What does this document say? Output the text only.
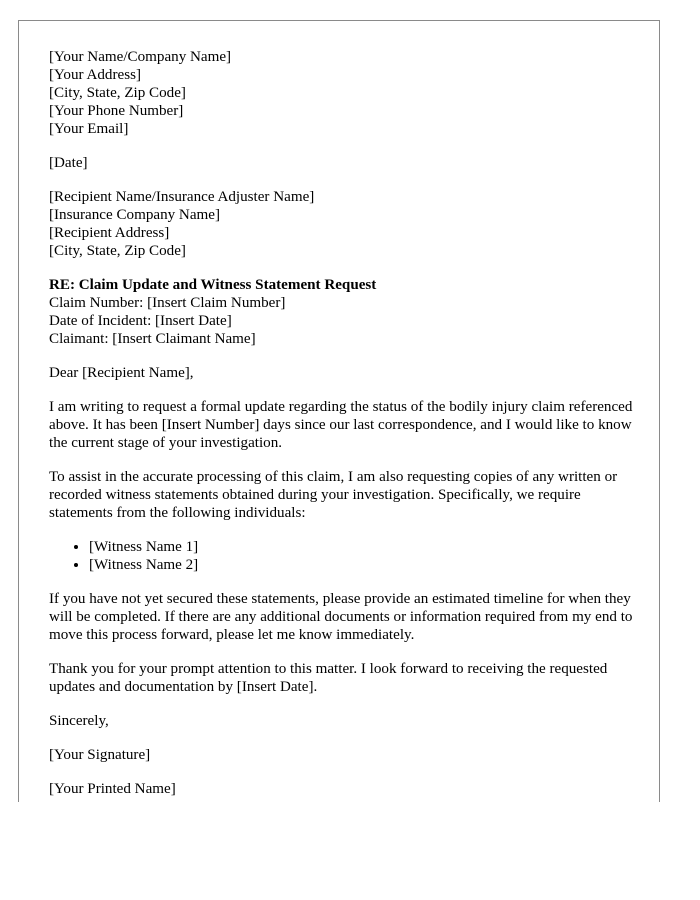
[Your Name/Company Name]
[Your Address]
[City, State, Zip Code]
[Your Phone Number]
[Your Email]
[Date]
[Recipient Name/Insurance Adjuster Name]
[Insurance Company Name]
[Recipient Address]
[City, State, Zip Code]
RE: Claim Update and Witness Statement Request
Claim Number: [Insert Claim Number]
Date of Incident: [Insert Date]
Claimant: [Insert Claimant Name]

Dear [Recipient Name],

I am writing to request a formal update regarding the status of the bodily injury claim referenced above. It has been [Insert Number] days since our last correspondence, and I would like to know the current stage of your investigation.

To assist in the accurate processing of this claim, I am also requesting copies of any written or recorded witness statements obtained during your investigation. Specifically, we require statements from the following individuals:

• [Witness Name 1]
• [Witness Name 2]

If you have not yet secured these statements, please provide an estimated timeline for when they will be completed. If there are any additional documents or information required from my end to move this process forward, please let me know immediately.

Thank you for your prompt attention to this matter. I look forward to receiving the requested updates and documentation by [Insert Date].

Sincerely,

[Your Signature]

[Your Printed Name]
